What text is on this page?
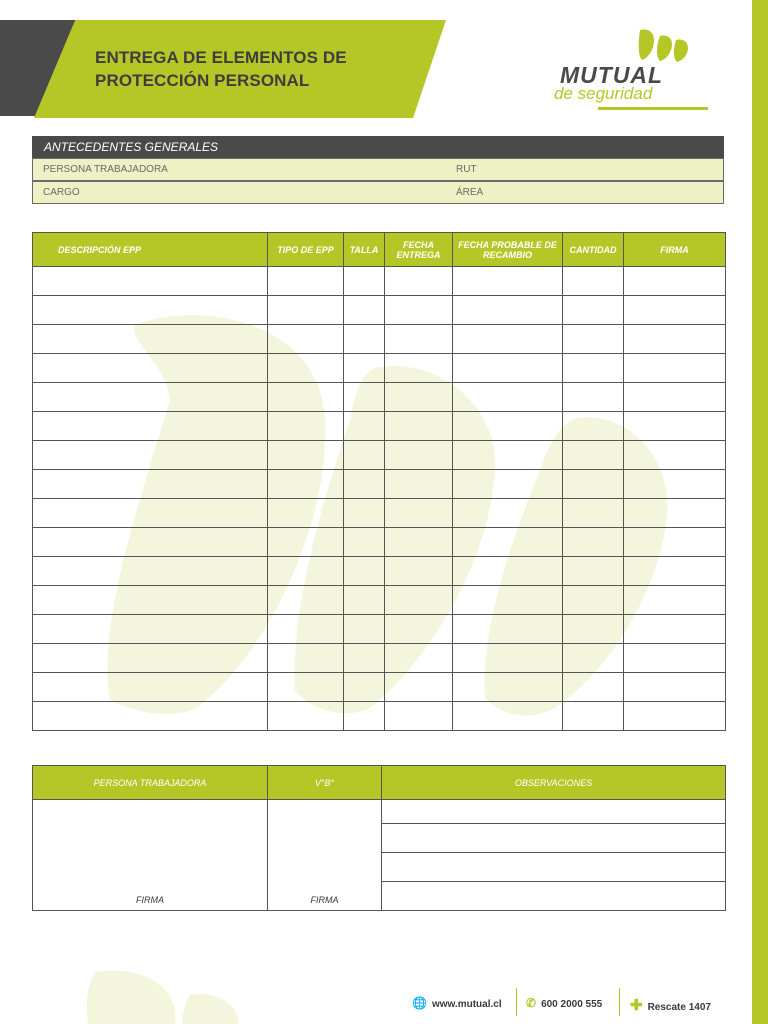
ENTREGA DE ELEMENTOS DE
PROTECCIÓN PERSONAL	MUTUAL
de seguridad
ANTECEDENTES GENERALES
PERSONA TRABAJADORA	RUT
CARGO	ÁREA
DESCRIPCIÓN EPP	TIPO DE EPP	TALLA	FECHA ENTREGA	FECHA PROBABLE DE RECAMBIO	CANTIDAD	FIRMA

PERSONA TRABAJADORA	V°B°	OBSERVACIONES
FIRMA	FIRMA	

🌐 www.mutual.cl ✆ 600 2000 555 ✚ Rescate 1407
